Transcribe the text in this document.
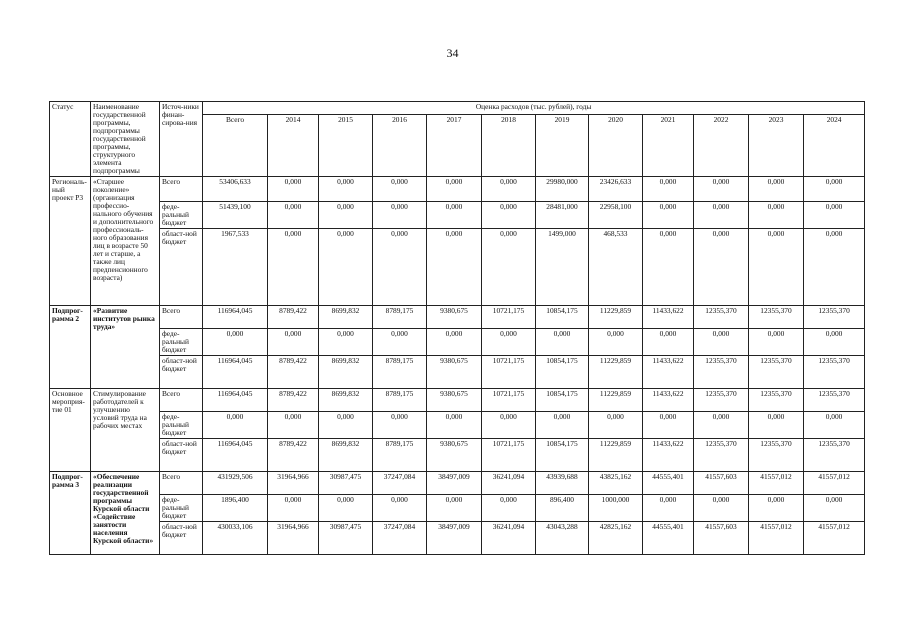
34
Статус	Наименование государственной программы, подпрограммы государственной программы, структурного элемента подпрограммы	Источ-ники финан-сирова-ния	Оценка расходов (тыс. рублей), годы											
			Всего	2014	2015	2016	2017	2018	2019	2020	2021	2022	2023	2024
Региональ-ный проект Р3	«Старшее поколение» (организация профессио-нального обучения и дополнительного профессиональ-ного образования лиц в возрасте 50 лет и старше, а также лиц предпенсионного возраста)	Всего	53406,633	0,000	0,000	0,000	0,000	0,000	29980,000	23426,633	0,000	0,000	0,000	0,000
		феде-ральный бюджет	51439,100	0,000	0,000	0,000	0,000	0,000	28481,000	22958,100	0,000	0,000	0,000	0,000
		област-ной бюджет	1967,533	0,000	0,000	0,000	0,000	0,000	1499,000	468,533	0,000	0,000	0,000	0,000
Подпрог-рамма 2	«Развитие институтов рынка труда»	Всего	116964,045	8789,422	8699,832	8789,175	9380,675	10721,175	10854,175	11229,859	11433,622	12355,370	12355,370	12355,370
		феде-ральный бюджет	0,000	0,000	0,000	0,000	0,000	0,000	0,000	0,000	0,000	0,000	0,000	0,000
		област-ной бюджет	116964,045	8789,422	8699,832	8789,175	9380,675	10721,175	10854,175	11229,859	11433,622	12355,370	12355,370	12355,370
Основное мероприя-тие 01	Стимулирование работодателей к улучшению условий труда на рабочих местах	Всего	116964,045	8789,422	8699,832	8789,175	9380,675	10721,175	10854,175	11229,859	11433,622	12355,370	12355,370	12355,370
		феде-ральный бюджет	0,000	0,000	0,000	0,000	0,000	0,000	0,000	0,000	0,000	0,000	0,000	0,000
		област-ной бюджет	116964,045	8789,422	8699,832	8789,175	9380,675	10721,175	10854,175	11229,859	11433,622	12355,370	12355,370	12355,370
Подпрог-рамма 3	«Обеспечение реализации государственной программы Курской области «Содействие занятости населения Курской области»	Всего	431929,506	31964,966	30987,475	37247,084	38497,009	36241,094	43939,688	43825,162	44555,401	41557,603	41557,012	41557,012
		феде-ральный бюджет	1896,400	0,000	0,000	0,000	0,000	0,000	896,400	1000,000	0,000	0,000	0,000	0,000
		област-ной бюджет	430033,106	31964,966	30987,475	37247,084	38497,009	36241,094	43043,288	42825,162	44555,401	41557,603	41557,012	41557,012
